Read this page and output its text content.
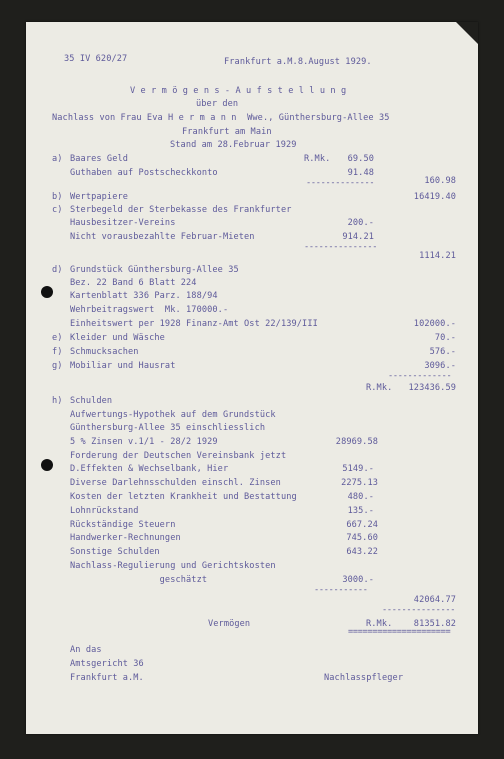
35 IV 620/27	Frankfurt a.M.8.August 1929.
V e r m ö g e n s - A u f s t e l l u n g
über den
Nachlass von Frau Eva H e r m a n n  Wwe., Günthersburg-Allee 35
Frankfurt am Main
Stand am 28.Februar 1929
a) Baares Geld	R.Mk.	69.50
Guthaben auf Postscheckkonto	91.48
--------------	160.98
b) Wertpapiere	16419.40
c) Sterbegeld der Sterbekasse des Frankfurter
Hausbesitzer-Vereins	200.-
Nicht vorausbezahlte Februar-Mieten	914.21
---------------
1114.21
d) Grundstück Günthersburg-Allee 35
Bez. 22 Band 6 Blatt 224
Kartenblatt 336 Parz. 188/94
Wehrbeitragswert  Mk. 170000.-
Einheitswert per 1928 Finanz-Amt Ost 22/139/III	102000.-
e) Kleider und Wäsche	70.-
f) Schmucksachen	576.-
g) Mobiliar und Hausrat	3096.-
-------------
R.Mk.	123436.59
h) Schulden
Aufwertungs-Hypothek auf dem Grundstück
Günthersburg-Allee 35 einschliesslich
5 % Zinsen v.1/1 - 28/2 1929	28969.58
Forderung der Deutschen Vereinsbank jetzt
D.Effekten & Wechselbank, Hier	5149.-
Diverse Darlehnsschulden einschl. Zinsen	2275.13
Kosten der letzten Krankheit und Bestattung	480.-
Lohnrückstand	135.-
Rückständige Steuern	667.24
Handwerker-Rechnungen	745.60
Sonstige Schulden	643.22
Nachlass-Regulierung und Gerichtskosten
geschätzt	3000.-
-----------
42064.77
---------------
Vermögen	R.Mk.	81351.82
=====================
An das
Amtsgericht 36
Frankfurt a.M.	Nachlasspfleger
